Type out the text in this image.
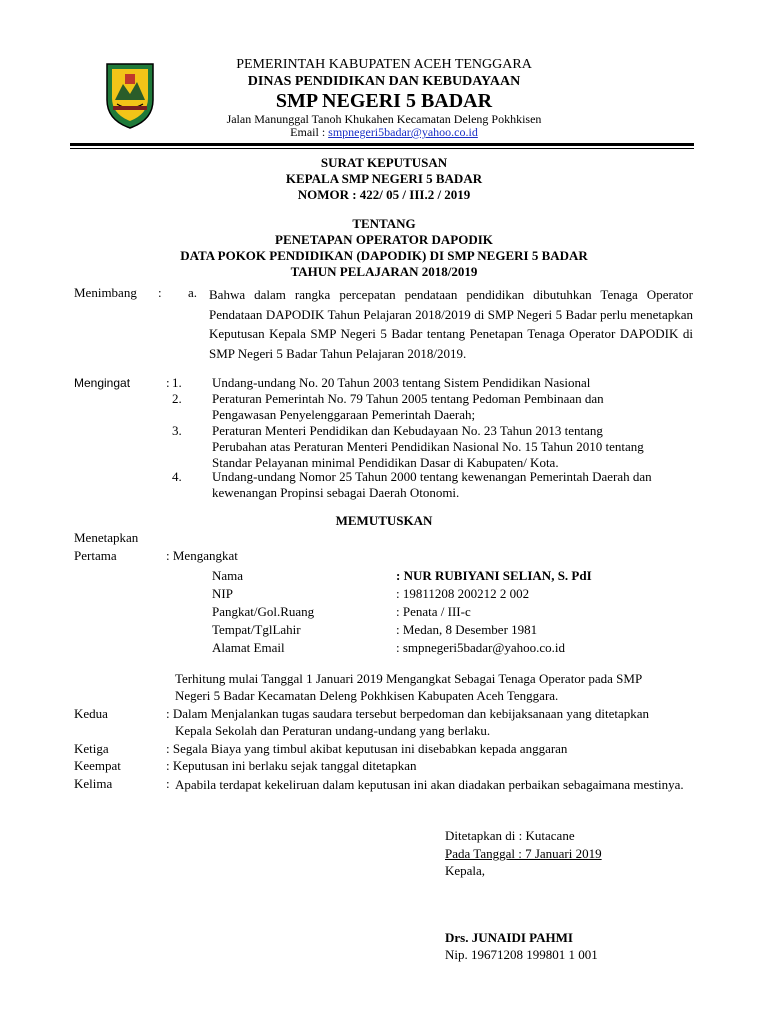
PEMERINTAH KABUPATEN ACEH TENGGARA
DINAS PENDIDIKAN DAN KEBUDAYAAN
SMP NEGERI 5 BADAR
Jalan Manunggal Tanoh Khukahen Kecamatan Deleng Pokhkisen
Email : smpnegeri5badar@yahoo.co.id
SURAT KEPUTUSAN
KEPALA SMP NEGERI 5 BADAR
NOMOR : 422/ 05 / III.2 / 2019
TENTANG
PENETAPAN OPERATOR DAPODIK
DATA POKOK PENDIDIKAN (DAPODIK) DI SMP NEGERI 5 BADAR
TAHUN PELAJARAN 2018/2019
Menimbang : a. Bahwa dalam rangka percepatan pendataan pendidikan dibutuhkan Tenaga Operator Pendataan DAPODIK Tahun Pelajaran 2018/2019 di SMP Negeri 5 Badar perlu menetapkan Keputusan Kepala SMP Negeri 5 Badar tentang Penetapan Tenaga Operator DAPODIK di SMP Negeri 5 Badar Tahun Pelajaran 2018/2019.
Mengingat	: 1. Undang-undang No. 20 Tahun 2003 tentang Sistem Pendidikan Nasional
2. Peraturan Pemerintah No. 79 Tahun 2005 tentang Pedoman Pembinaan dan
Pengawasan Penyelenggaraan Pemerintah Daerah;
3. Peraturan Menteri Pendidikan dan Kebudayaan No. 23 Tahun 2013 tentang
Perubahan atas Peraturan Menteri Pendidikan Nasional No. 15 Tahun 2010 tentang
Standar Pelayanan minimal Pendidikan Dasar di Kabupaten/ Kota.
4. Undang-undang Nomor 25 Tahun 2000 tentang kewenangan Pemerintah Daerah dan
kewenangan Propinsi sebagai Daerah Otonomi.
MEMUTUSKAN
Menetapkan
Pertama	: Mengangkat
Nama	: NUR RUBIYANI SELIAN, S. PdI
NIP	: 19811208 200212 2 002
Pangkat/Gol.Ruang	: Penata / III-c
Tempat/TglLahir	: Medan, 8 Desember 1981
Alamat Email	: smpnegeri5badar@yahoo.co.id
Terhitung mulai Tanggal 1 Januari 2019 Mengangkat Sebagai Tenaga Operator pada SMP
Negeri 5 Badar Kecamatan Deleng Pokhkisen Kabupaten Aceh Tenggara.
Kedua	: Dalam Menjalankan tugas saudara tersebut berpedoman dan kebijaksanaan yang ditetapkan
Kepala Sekolah dan Peraturan undang-undang yang berlaku.
Ketiga	: Segala Biaya yang timbul akibat keputusan ini disebabkan kepada anggaran
Keempat	: Keputusan ini berlaku sejak tanggal ditetapkan
Kelima	: Apabila terdapat kekeliruan dalam keputusan ini akan diadakan perbaikan sebagaimana mestinya.
Ditetapkan di : Kutacane
Pada Tanggal : 7 Januari 2019
Kepala,
Drs. JUNAIDI PAHMI
Nip. 19671208 199801 1 001
